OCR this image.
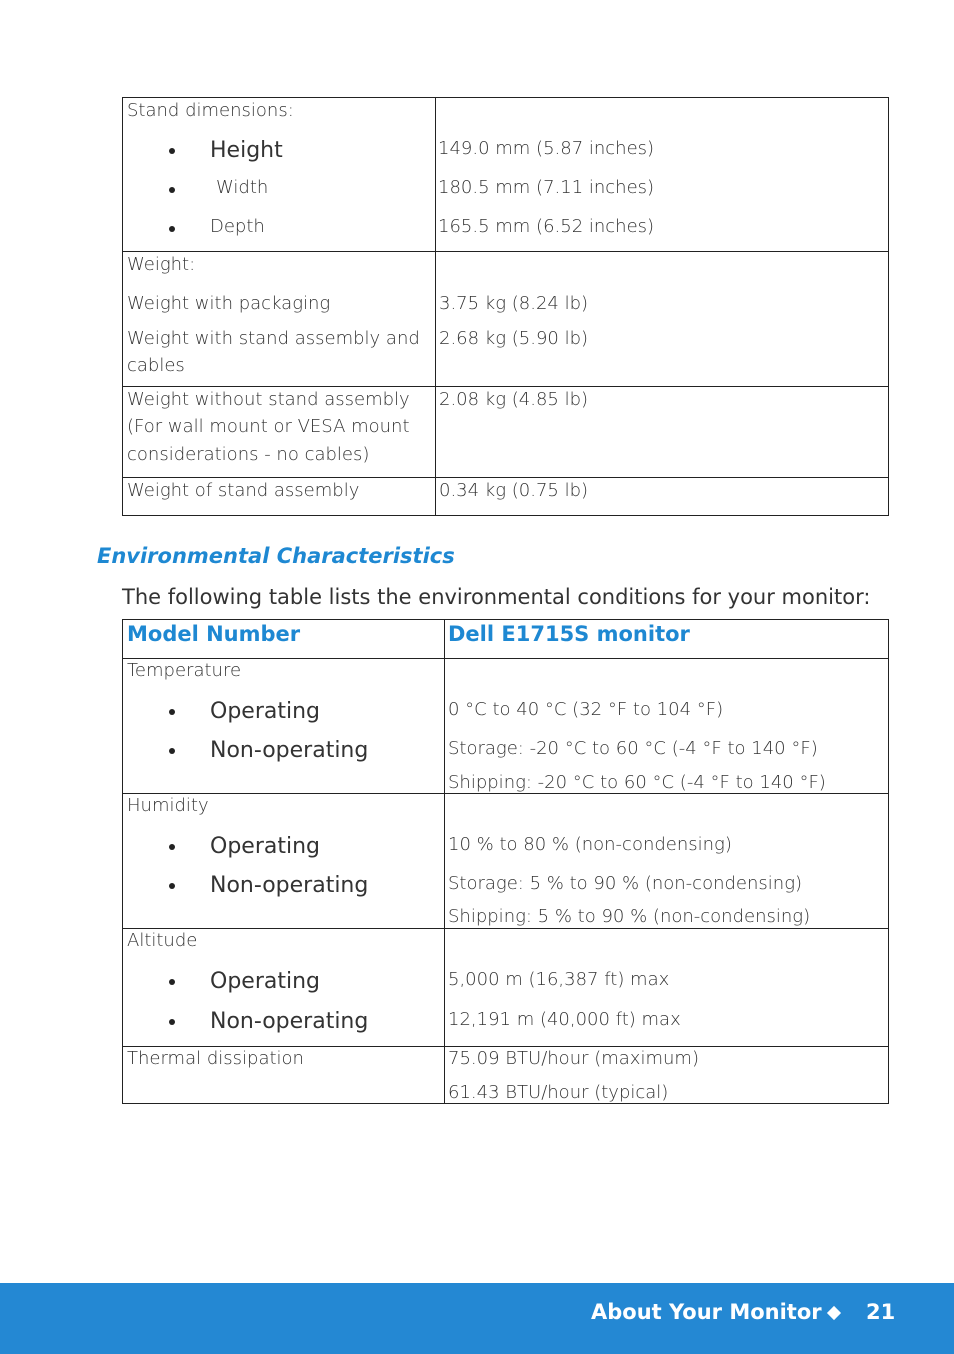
Stand dimensions:
Height	149.0 mm (5.87 inches)
Width	180.5 mm (7.11 inches)
Depth	165.5 mm (6.52 inches)
Weight:
Weight with packaging	3.75 kg (8.24 lb)
Weight with stand assembly and
cables
2.68 kg (5.90 lb)
Weight without stand assembly
(For wall mount or VESA mount
considerations - no cables)
2.08 kg (4.85 lb)
Weight of stand assembly	0.34 kg (0.75 lb)
Environmental Characteristics
The following table lists the environmental conditions for your monitor:
Model Number	Dell E1715S monitor
Temperature
Operating	0 °C to 40 °C (32 °F to 104 °F)
Non-operating	Storage: -20 °C to 60 °C (-4 °F to 140 °F)
Shipping: -20 °C to 60 °C (-4 °F to 140 °F)
Humidity
Operating	10 % to 80 % (non-condensing)
Non-operating	Storage: 5 % to 90 % (non-condensing)
Shipping: 5 % to 90 % (non-condensing)
Altitude
Operating	5,000 m (16,387 ft) max
Non-operating	12,191 m (40,000 ft) max
Thermal dissipation	75.09 BTU/hour (maximum)
61.43 BTU/hour (typical)
About Your Monitor 21
